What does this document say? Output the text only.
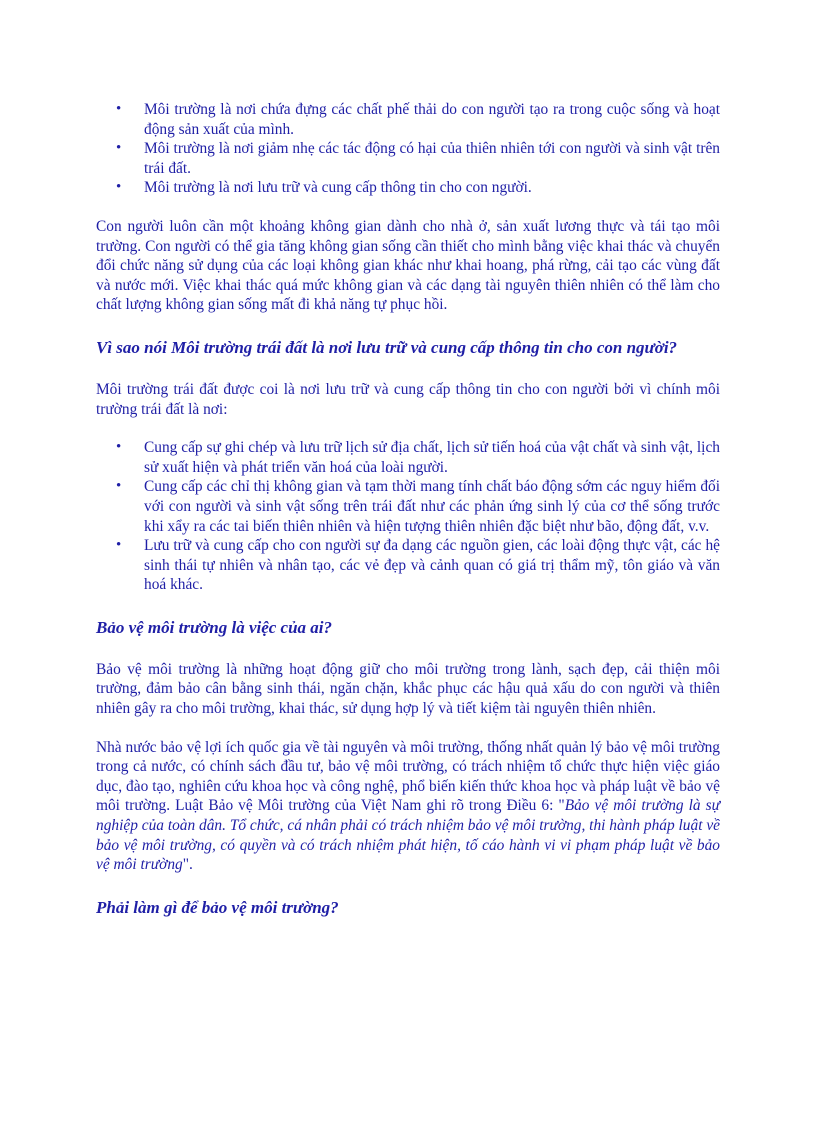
• Môi trường là nơi chứa đựng các chất phế thải do con người tạo ra trong cuộc sống và hoạt động sản xuất của mình.
• Môi trường là nơi giảm nhẹ các tác động có hại của thiên nhiên tới con người và sinh vật trên trái đất.
• Môi trường là nơi lưu trữ và cung cấp thông tin cho con người.

Con người luôn cần một khoảng không gian dành cho nhà ở, sản xuất lương thực và tái tạo môi trường. Con người có thể gia tăng không gian sống cần thiết cho mình bằng việc khai thác và chuyển đổi chức năng sử dụng của các loại không gian khác như khai hoang, phá rừng, cải tạo các vùng đất và nước mới. Việc khai thác quá mức không gian và các dạng tài nguyên thiên nhiên có thể làm cho chất lượng không gian sống mất đi khả năng tự phục hồi.

Vì sao nói Môi trường trái đất là nơi lưu trữ và cung cấp thông tin cho con người?

Môi trường trái đất được coi là nơi lưu trữ và cung cấp thông tin cho con người bởi vì chính môi trường trái đất là nơi:

• Cung cấp sự ghi chép và lưu trữ lịch sử địa chất, lịch sử tiến hoá của vật chất và sinh vật, lịch sử xuất hiện và phát triển văn hoá của loài người.
• Cung cấp các chỉ thị không gian và tạm thời mang tính chất báo động sớm các nguy hiểm đối với con người và sinh vật sống trên trái đất như các phản ứng sinh lý của cơ thể sống trước khi xẩy ra các tai biến thiên nhiên và hiện tượng thiên nhiên đặc biệt như bão, động đất, v.v.
• Lưu trữ và cung cấp cho con người sự đa dạng các nguồn gien, các loài động thực vật, các hệ sinh thái tự nhiên và nhân tạo, các vẻ đẹp và cảnh quan có giá trị thẩm mỹ, tôn giáo và văn hoá khác.
Bảo vệ môi trường là việc của ai?

Bảo vệ môi trường là những hoạt động giữ cho môi trường trong lành, sạch đẹp, cải thiện môi trường, đảm bảo cân bằng sinh thái, ngăn chặn, khắc phục các hậu quả xấu do con người và thiên nhiên gây ra cho môi trường, khai thác, sử dụng hợp lý và tiết kiệm tài nguyên thiên nhiên.

Nhà nước bảo vệ lợi ích quốc gia về tài nguyên và môi trường, thống nhất quản lý bảo vệ môi trường trong cả nước, có chính sách đầu tư, bảo vệ môi trường, có trách nhiệm tổ chức thực hiện việc giáo dục, đào tạo, nghiên cứu khoa học và công nghệ, phổ biến kiến thức khoa học và pháp luật về bảo vệ môi trường. Luật Bảo vệ Môi trường của Việt Nam ghi rõ trong Điều 6: "Bảo vệ môi trường là sự nghiệp của toàn dân. Tổ chức, cá nhân phải có trách nhiệm bảo vệ môi trường, thi hành pháp luật về bảo vệ môi trường, có quyền và có trách nhiệm phát hiện, tố cáo hành vi vi phạm pháp luật về bảo vệ môi trường".

Phải làm gì để bảo vệ môi trường?
